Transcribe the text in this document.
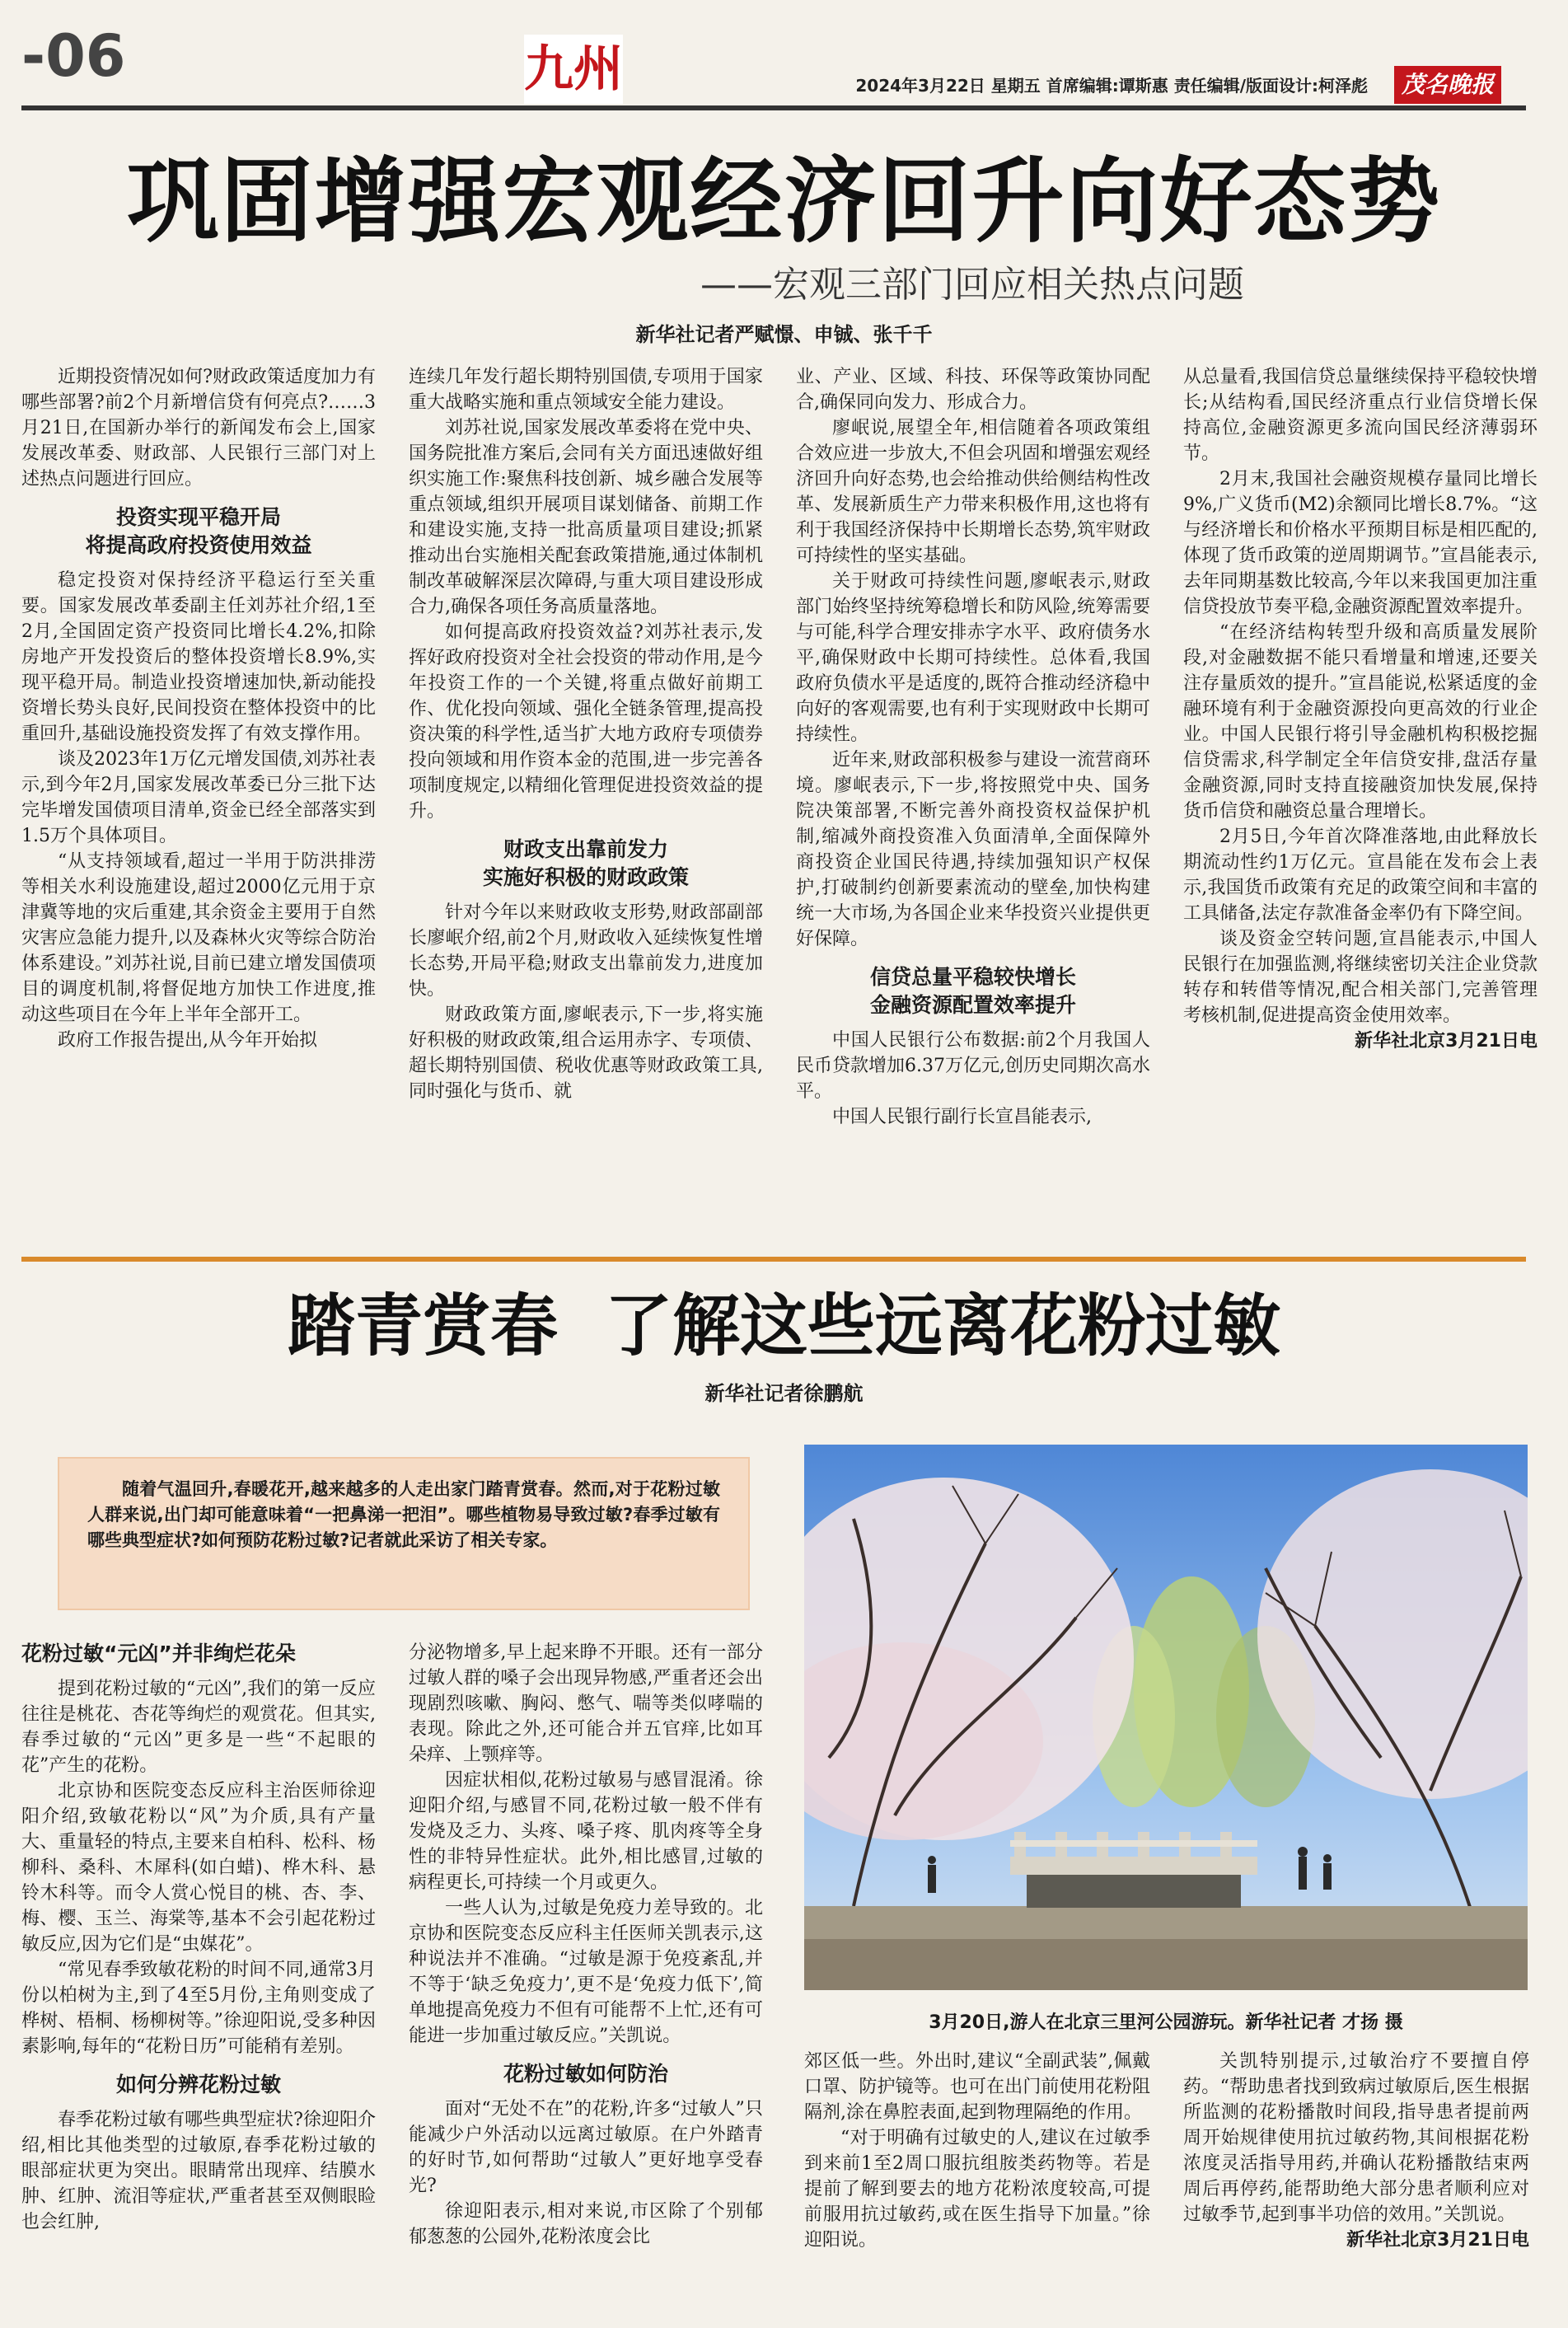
-06	九州	2024年3月22日 星期五 首席编辑:谭斯惠 责任编辑/版面设计:柯泽彪	茂名晚报
巩固增强宏观经济回升向好态势
——宏观三部门回应相关热点问题
新华社记者严赋憬、申铖、张千千

近期投资情况如何?财政政策适度加力有哪些部署?前2个月新增信贷有何亮点?……3月21日,在国新办举行的新闻发布会上,国家发展改革委、财政部、人民银行三部门对上述热点问题进行回应。

投资实现平稳开局
将提高政府投资使用效益

稳定投资对保持经济平稳运行至关重要。国家发展改革委副主任刘苏社介绍,1至2月,全国固定资产投资同比增长4.2%,扣除房地产开发投资后的整体投资增长8.9%,实现平稳开局。制造业投资增速加快,新动能投资增长势头良好,民间投资在整体投资中的比重回升,基础设施投资发挥了有效支撑作用。

谈及2023年1万亿元增发国债,刘苏社表示,到今年2月,国家发展改革委已分三批下达完毕增发国债项目清单,资金已经全部落实到1.5万个具体项目。

“从支持领域看,超过一半用于防洪排涝等相关水利设施建设,超过2000亿元用于京津冀等地的灾后重建,其余资金主要用于自然灾害应急能力提升,以及森林火灾等综合防治体系建设。”刘苏社说,目前已建立增发国债项目的调度机制,将督促地方加快工作进度,推动这些项目在今年上半年全部开工。

政府工作报告提出,从今年开始拟

连续几年发行超长期特别国债,专项用于国家重大战略实施和重点领域安全能力建设。

刘苏社说,国家发展改革委将在党中央、国务院批准方案后,会同有关方面迅速做好组织实施工作:聚焦科技创新、城乡融合发展等重点领域,组织开展项目谋划储备、前期工作和建设实施,支持一批高质量项目建设;抓紧推动出台实施相关配套政策措施,通过体制机制改革破解深层次障碍,与重大项目建设形成合力,确保各项任务高质量落地。

如何提高政府投资效益?刘苏社表示,发挥好政府投资对全社会投资的带动作用,是今年投资工作的一个关键,将重点做好前期工作、优化投向领域、强化全链条管理,提高投资决策的科学性,适当扩大地方政府专项债券投向领域和用作资本金的范围,进一步完善各项制度规定,以精细化管理促进投资效益的提升。

财政支出靠前发力
实施好积极的财政政策

针对今年以来财政收支形势,财政部副部长廖岷介绍,前2个月,财政收入延续恢复性增长态势,开局平稳;财政支出靠前发力,进度加快。

财政政策方面,廖岷表示,下一步,将实施好积极的财政政策,组合运用赤字、专项债、超长期特别国债、税收优惠等财政政策工具,同时强化与货币、就

业、产业、区域、科技、环保等政策协同配合,确保同向发力、形成合力。

廖岷说,展望全年,相信随着各项政策组合效应进一步放大,不但会巩固和增强宏观经济回升向好态势,也会给推动供给侧结构性改革、发展新质生产力带来积极作用,这也将有利于我国经济保持中长期增长态势,筑牢财政可持续性的坚实基础。

关于财政可持续性问题,廖岷表示,财政部门始终坚持统筹稳增长和防风险,统筹需要与可能,科学合理安排赤字水平、政府债务水平,确保财政中长期可持续性。总体看,我国政府负债水平是适度的,既符合推动经济稳中向好的客观需要,也有利于实现财政中长期可持续性。

近年来,财政部积极参与建设一流营商环境。廖岷表示,下一步,将按照党中央、国务院决策部署,不断完善外商投资权益保护机制,缩减外商投资准入负面清单,全面保障外商投资企业国民待遇,持续加强知识产权保护,打破制约创新要素流动的壁垒,加快构建统一大市场,为各国企业来华投资兴业提供更好保障。

信贷总量平稳较快增长
金融资源配置效率提升

中国人民银行公布数据:前2个月我国人民币贷款增加6.37万亿元,创历史同期次高水平。

中国人民银行副行长宣昌能表示,

从总量看,我国信贷总量继续保持平稳较快增长;从结构看,国民经济重点行业信贷增长保持高位,金融资源更多流向国民经济薄弱环节。

2月末,我国社会融资规模存量同比增长9%,广义货币(M2)余额同比增长8.7%。“这与经济增长和价格水平预期目标是相匹配的,体现了货币政策的逆周期调节。”宣昌能表示,去年同期基数比较高,今年以来我国更加注重信贷投放节奏平稳,金融资源配置效率提升。

“在经济结构转型升级和高质量发展阶段,对金融数据不能只看增量和增速,还要关注存量质效的提升。”宣昌能说,松紧适度的金融环境有利于金融资源投向更高效的行业企业。中国人民银行将引导金融机构积极挖掘信贷需求,科学制定全年信贷安排,盘活存量金融资源,同时支持直接融资加快发展,保持货币信贷和融资总量合理增长。

2月5日,今年首次降准落地,由此释放长期流动性约1万亿元。宣昌能在发布会上表示,我国货币政策有充足的政策空间和丰富的工具储备,法定存款准备金率仍有下降空间。

谈及资金空转问题,宣昌能表示,中国人民银行在加强监测,将继续密切关注企业贷款转存和转借等情况,配合相关部门,完善管理考核机制,促进提高资金使用效率。

新华社北京3月21日电

踏青赏春  了解这些远离花粉过敏
新华社记者徐鹏航
随着气温回升,春暖花开,越来越多的人走出家门踏青赏春。然而,对于花粉过敏人群来说,出门却可能意味着“一把鼻涕一把泪”。哪些植物易导致过敏?春季过敏有哪些典型症状?如何预防花粉过敏?记者就此采访了相关专家。
3月20日,游人在北京三里河公园游玩。新华社记者 才扬 摄
花粉过敏“元凶”并非绚烂花朵

提到花粉过敏的“元凶”,我们的第一反应往往是桃花、杏花等绚烂的观赏花。但其实,春季过敏的“元凶”更多是一些“不起眼的花”产生的花粉。

北京协和医院变态反应科主治医师徐迎阳介绍,致敏花粉以“风”为介质,具有产量大、重量轻的特点,主要来自柏科、松科、杨柳科、桑科、木犀科(如白蜡)、桦木科、悬铃木科等。而令人赏心悦目的桃、杏、李、梅、樱、玉兰、海棠等,基本不会引起花粉过敏反应,因为它们是“虫媒花”。

“常见春季致敏花粉的时间不同,通常3月份以柏树为主,到了4至5月份,主角则变成了桦树、梧桐、杨柳树等。”徐迎阳说,受多种因素影响,每年的“花粉日历”可能稍有差别。

如何分辨花粉过敏

春季花粉过敏有哪些典型症状?徐迎阳介绍,相比其他类型的过敏原,春季花粉过敏的眼部症状更为突出。眼睛常出现痒、结膜水肿、红肿、流泪等症状,严重者甚至双侧眼睑也会红肿,

分泌物增多,早上起来睁不开眼。还有一部分过敏人群的嗓子会出现异物感,严重者还会出现剧烈咳嗽、胸闷、憋气、喘等类似哮喘的表现。除此之外,还可能合并五官痒,比如耳朵痒、上颚痒等。

因症状相似,花粉过敏易与感冒混淆。徐迎阳介绍,与感冒不同,花粉过敏一般不伴有发烧及乏力、头疼、嗓子疼、肌肉疼等全身性的非特异性症状。此外,相比感冒,过敏的病程更长,可持续一个月或更久。

一些人认为,过敏是免疫力差导致的。北京协和医院变态反应科主任医师关凯表示,这种说法并不准确。“过敏是源于免疫紊乱,并不等于‘缺乏免疫力’,更不是‘免疫力低下’,简单地提高免疫力不但有可能帮不上忙,还有可能进一步加重过敏反应。”关凯说。

花粉过敏如何防治

面对“无处不在”的花粉,许多“过敏人”只能减少户外活动以远离过敏原。在户外踏青的好时节,如何帮助“过敏人”更好地享受春光?

徐迎阳表示,相对来说,市区除了个别郁郁葱葱的公园外,花粉浓度会比

郊区低一些。外出时,建议“全副武装”,佩戴口罩、防护镜等。也可在出门前使用花粉阻隔剂,涂在鼻腔表面,起到物理隔绝的作用。

“对于明确有过敏史的人,建议在过敏季到来前1至2周口服抗组胺类药物等。若是提前了解到要去的地方花粉浓度较高,可提前服用抗过敏药,或在医生指导下加量。”徐迎阳说。

关凯特别提示,过敏治疗不要擅自停药。“帮助患者找到致病过敏原后,医生根据所监测的花粉播散时间段,指导患者提前两周开始规律使用抗过敏药物,其间根据花粉浓度灵活指导用药,并确认花粉播散结束两周后再停药,能帮助绝大部分患者顺利应对过敏季节,起到事半功倍的效用。”关凯说。

新华社北京3月21日电
